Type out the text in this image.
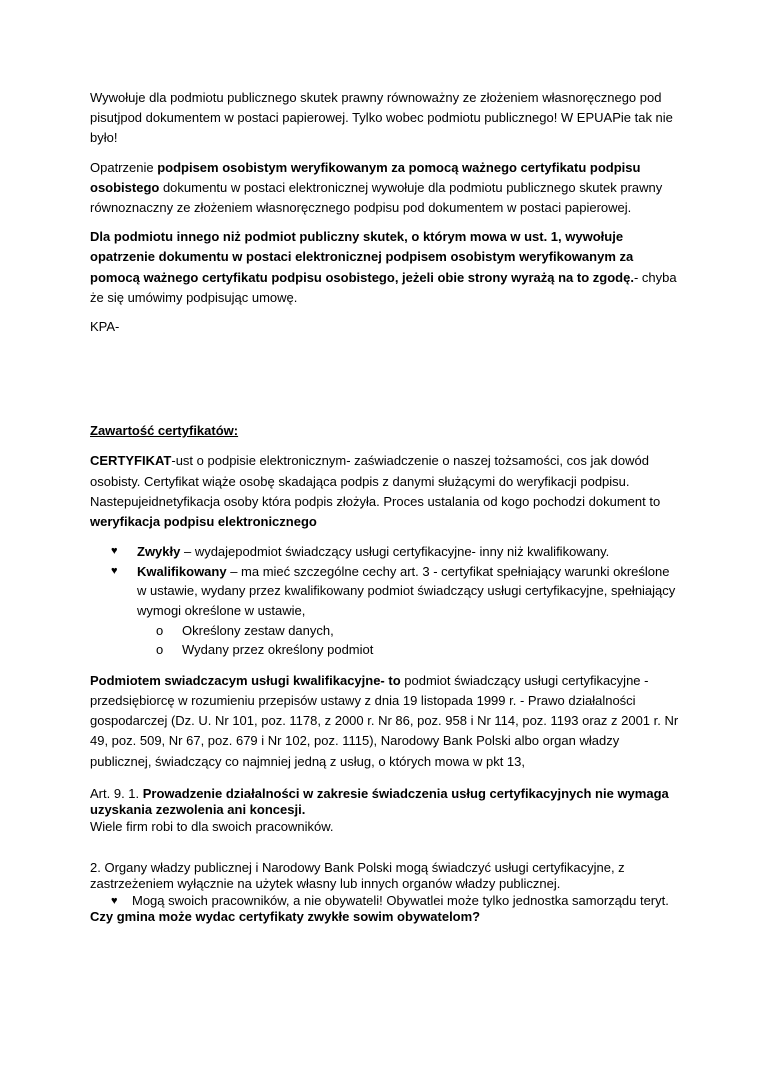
Wywołuje dla podmiotu publicznego skutek prawny równoważny ze złożeniem własnoręcznego pod pisutjpod dokumentem w postaci papierowej. Tylko wobec podmiotu publicznego! W EPUAPie tak nie było!

Opatrzenie podpisem osobistym weryfikowanym za pomocą ważnego certyfikatu podpisu osobistego dokumentu w postaci elektronicznej wywołuje dla podmiotu publicznego skutek prawny równoznaczny ze złożeniem własnoręcznego podpisu pod dokumentem w postaci papierowej.

Dla podmiotu innego niż podmiot publiczny skutek, o którym mowa w ust. 1, wywołuje opatrzenie dokumentu w postaci elektronicznej podpisem osobistym weryfikowanym za pomocą ważnego certyfikatu podpisu osobistego, jeżeli obie strony wyrażą na to zgodę.- chyba że się umówimy podpisując umowę.

KPA-

Zawartość certyfikatów:

CERTYFIKAT-ust o podpisie elektronicznym- zaświadczenie o naszej tożsamości, cos jak dowód osobisty. Certyfikat wiąże osobę skadająca podpis z danymi służącymi do weryfikacji podpisu. Nastepujeidnetyfikacja osoby która podpis złożyła. Proces ustalania od kogo pochodzi dokument to weryfikacja podpisu elektronicznego

♥ Zwykły – wydajepodmiot świadczący usługi certyfikacyjne- inny niż kwalifikowany.
♥ Kwalifikowany – ma mieć szczególne cechy art. 3 - certyfikat spełniający warunki określone w ustawie, wydany przez kwalifikowany podmiot świadczący usługi certyfikacyjne, spełniający wymogi określone w ustawie,
o Określony zestaw danych,
o Wydany przez określony podmiot

Podmiotem swiadczacym usługi kwalifikacyjne- to podmiot świadczący usługi certyfikacyjne - przedsiębiorcę w rozumieniu przepisów ustawy z dnia 19 listopada 1999 r. - Prawo działalności gospodarczej (Dz. U. Nr 101, poz. 1178, z 2000 r. Nr 86, poz. 958 i Nr 114, poz. 1193 oraz z 2001 r. Nr 49, poz. 509, Nr 67, poz. 679 i Nr 102, poz. 1115), Narodowy Bank Polski albo organ władzy publicznej, świadczący co najmniej jedną z usług, o których mowa w pkt 13,

Art. 9. 1. Prowadzenie działalności w zakresie świadczenia usług certyfikacyjnych nie wymaga uzyskania zezwolenia ani koncesji.
Wiele firm robi to dla swoich pracowników.

2. Organy władzy publicznej i Narodowy Bank Polski mogą świadczyć usługi certyfikacyjne, z zastrzeżeniem wyłącznie na użytek własny lub innych organów władzy publicznej.

♥ Mogą swoich pracowników, a nie obywateli! Obywatlei może tylko jednostka samorządu teryt.

Czy gmina może wydac certyfikaty zwykłe sowim obywatelom?
